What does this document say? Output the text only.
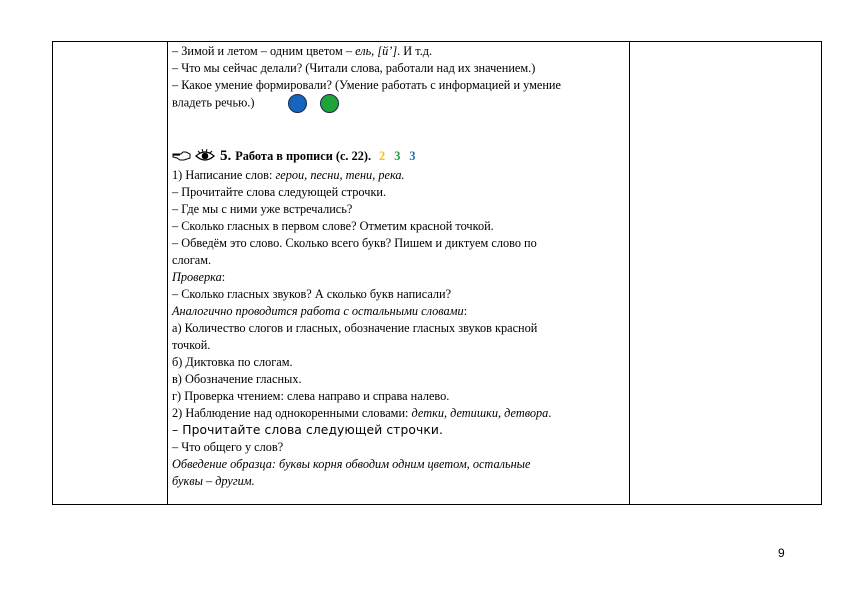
– Зимой и летом – одним цветом – ель, [й’]. И т.д.

– Что мы сейчас делали? (Читали слова, работали над их значением.)

– Какое умение формировали? (Умение работать с информацией и умение

владеть речью.)

5. Работа в прописи (с. 22). 2 3 3

1) Написание слов: герои, песни, тени, река.

– Прочитайте слова следующей строчки.

– Где мы с ними уже встречались?

– Сколько гласных в первом слове? Отметим красной точкой.

– Обведём это слово. Сколько всего букв? Пишем и диктуем слово по

слогам.

Проверка:

– Сколько гласных звуков? А сколько букв написали?

Аналогично проводится работа с остальными словами:

а) Количество слогов и гласных, обозначение гласных звуков красной

точкой.

б) Диктовка по слогам.

в) Обозначение гласных.

г) Проверка чтением: слева направо и справа налево.

2) Наблюдение над однокоренными словами: детки, детишки, детвора.

– Прочитайте слова следующей строчки.

– Что общего у слов?

Обведение образца: буквы корня обводим одним цветом, остальные

буквы – другим.

9
